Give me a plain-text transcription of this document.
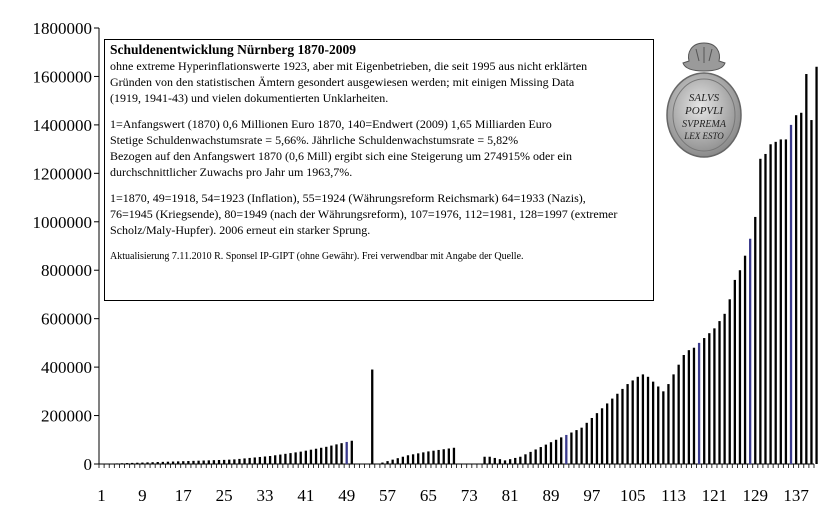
0
200000
400000
600000
800000
1000000
1200000
1400000
1600000
1800000
1 9 17 25 33 41 49 57 65 73 81 89 97 105 113 121 129 137
Schuldenentwicklung Nürnberg 1870-2009

ohne extreme Hyperinflationswerte 1923, aber mit Eigenbetrieben, die seit 1995 aus nicht erklärten

Gründen von den statistischen Ämtern gesondert ausgewiesen werden; mit einigen Missing Data

(1919, 1941-43) und vielen dokumentierten Unklarheiten.

1=Anfangswert (1870) 0,6 Millionen Euro 1870, 140=Endwert (2009) 1,65 Milliarden Euro

Stetige Schuldenwachstumsrate = 5,66%. Jährliche Schuldenwachstumsrate = 5,82%

Bezogen auf den Anfangswert 1870 (0,6 Mill) ergibt sich eine Steigerung um 274915% oder ein

durchschnittlicher Zuwachs pro Jahr um 1963,7%.

1=1870, 49=1918, 54=1923 (Inflation), 55=1924 (Währungsreform Reichsmark) 64=1933 (Nazis),

76=1945 (Kriegsende), 80=1949 (nach der Währungsreform), 107=1976, 112=1981, 128=1997 (extremer

Scholz/Maly-Hupfer). 2006 erneut ein starker Sprung.

Aktualisierung 7.11.2010 R. Sponsel IP-GIPT (ohne Gewähr). Frei verwendbar mit Angabe der Quelle.

SALVS
POPVLI
SVPREMA
LEX ESTO
